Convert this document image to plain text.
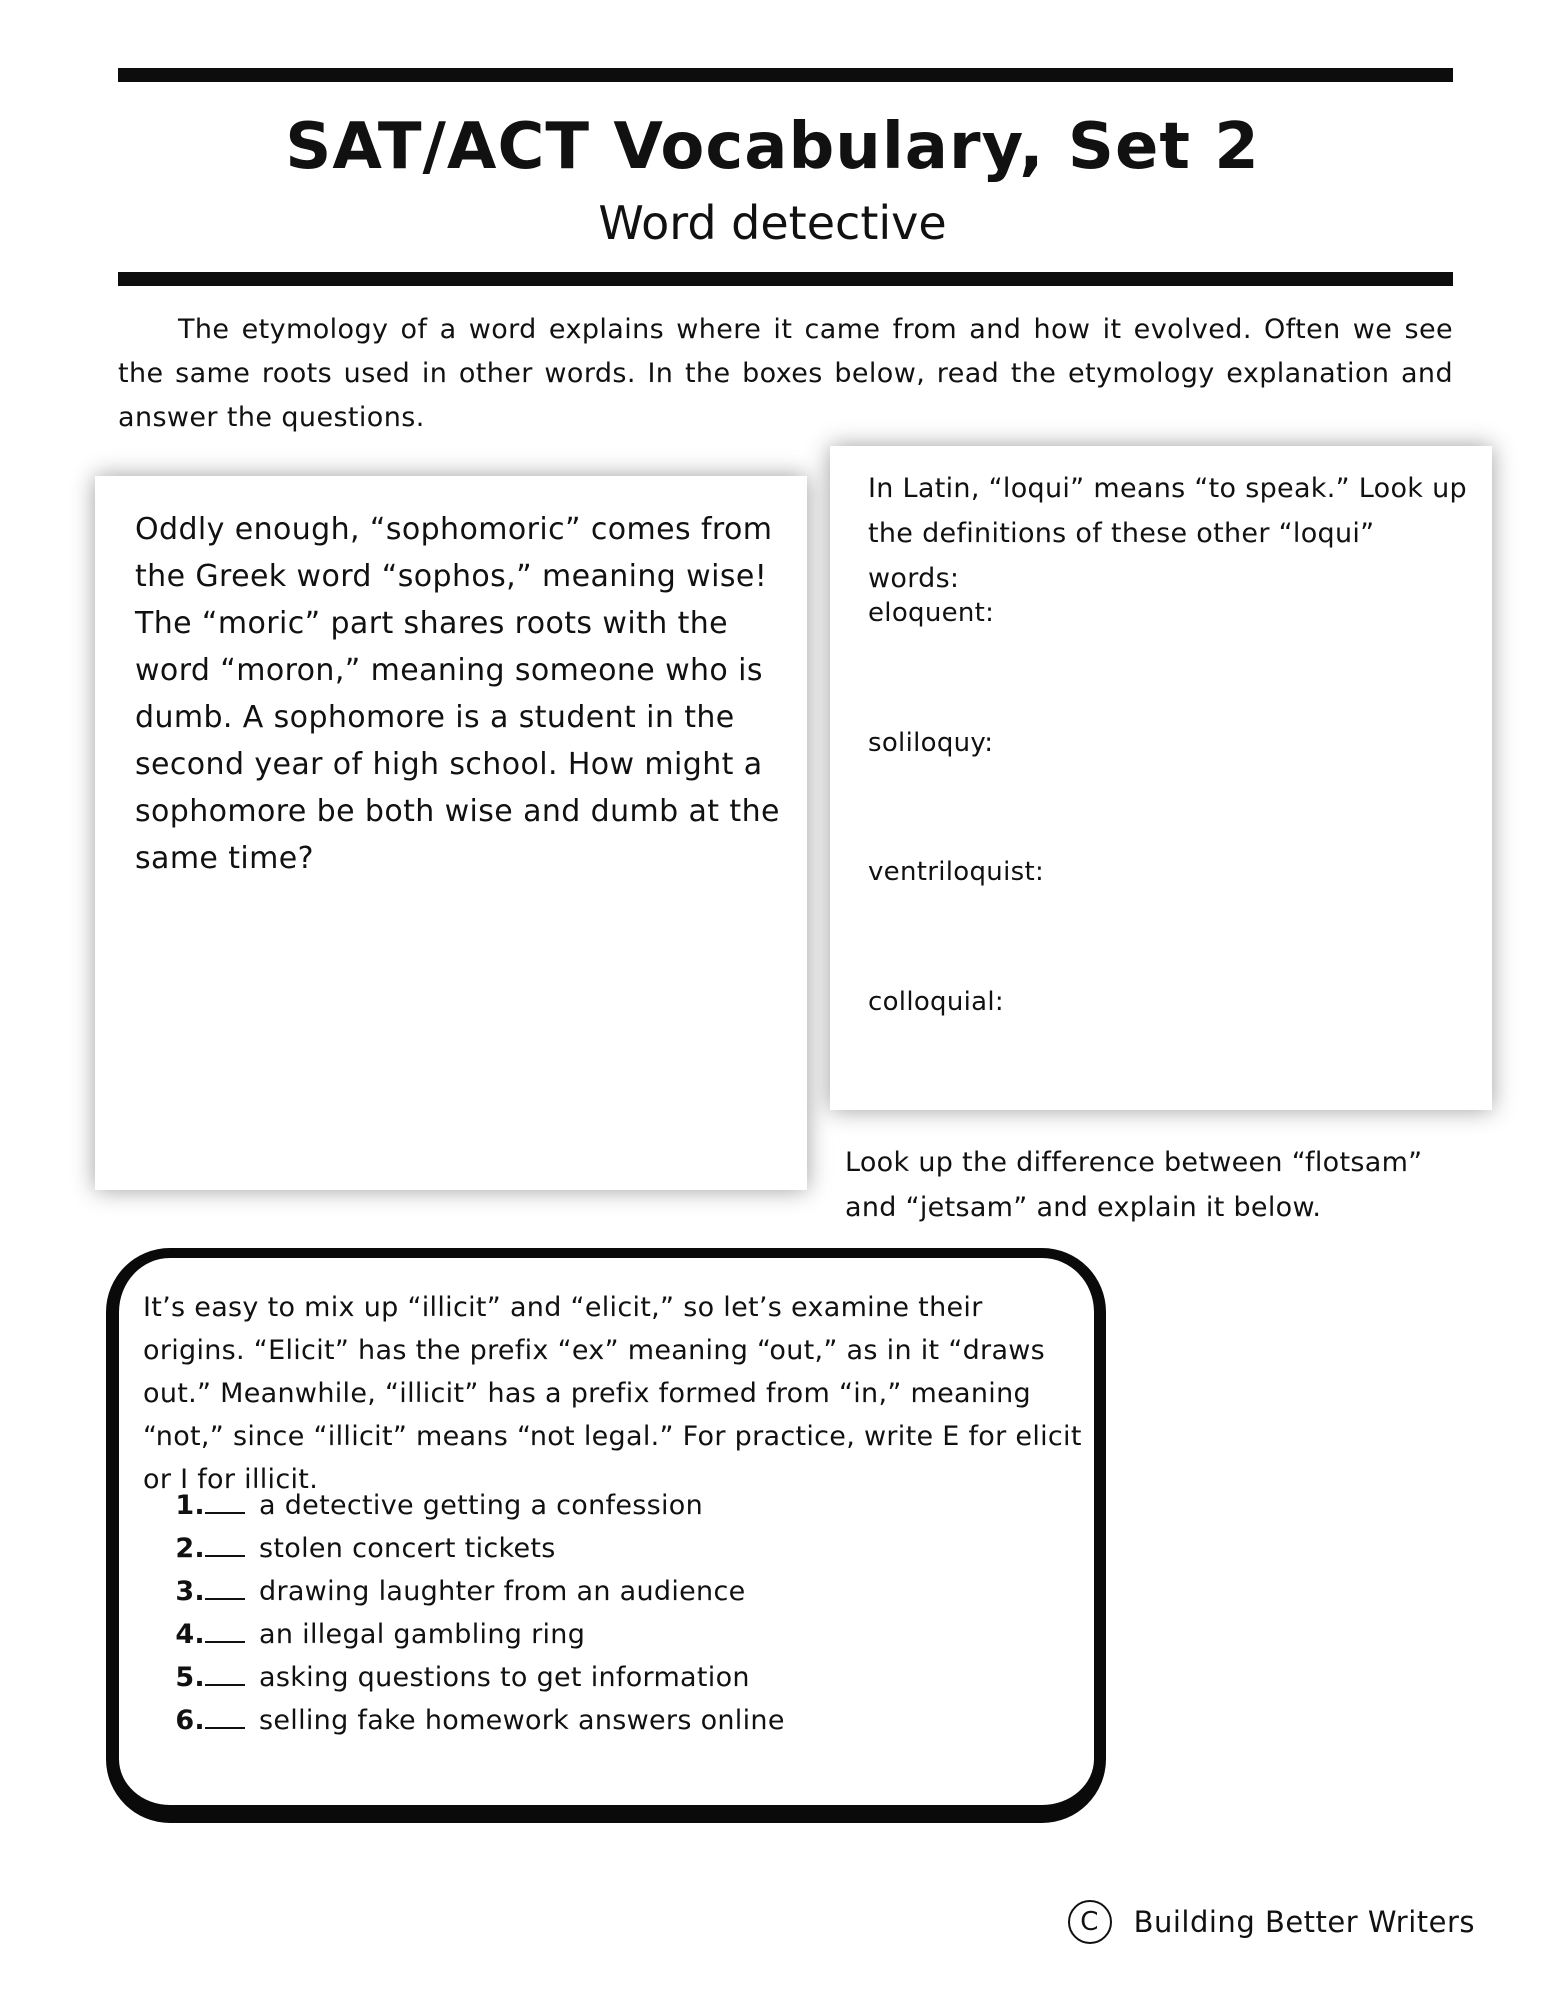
SAT/ACT Vocabulary, Set 2
Word detective
The etymology of a word explains where it came from and how it evolved. Often we see the same roots used in other words. In the boxes below, read the etymology explanation and answer the questions.
Oddly enough, “sophomoric” comes from the Greek word “sophos,” meaning wise! The “moric” part shares roots with the word “moron,” meaning someone who is dumb. A sophomore is a student in the second year of high school. How might a sophomore be both wise and dumb at the same time?
In Latin, “loqui” means “to speak.” Look up the definitions of these other “loqui” words:
eloquent:
soliloquy:
ventriloquist:
colloquial:
Look up the difference between “flotsam” and “jetsam” and explain it below.
It’s easy to mix up “illicit” and “elicit,” so let’s examine their origins. “Elicit” has the prefix “ex” meaning “out,” as in it “draws out.” Meanwhile, “illicit” has a prefix formed from “in,” meaning “not,” since “illicit” means “not legal.” For practice, write E for elicit or I for illicit.
1. a detective getting a confession
2. stolen concert tickets
3. drawing laughter from an audience
4. an illegal gambling ring
5. asking questions to get information
6. selling fake homework answers online
C	Building Better Writers
